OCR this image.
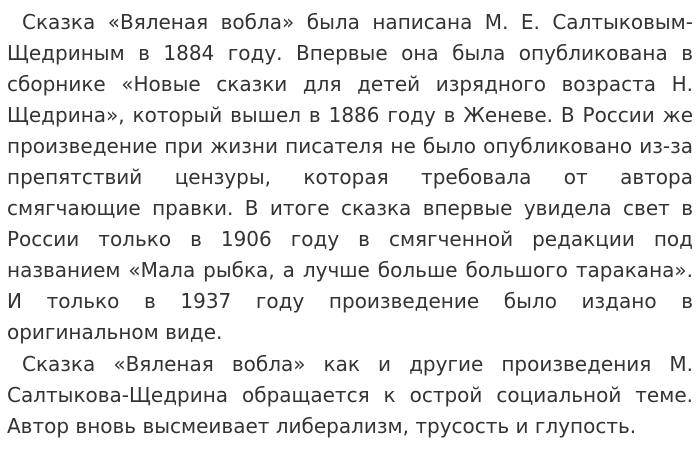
Сказка «Вяленая вобла» была написана М. Е. Салтыковым-Щедриным в 1884 году. Впервые она была опубликована в сборнике «Новые сказки для детей изрядного возраста Н. Щедрина», который вышел в 1886 году в Женеве. В России же произведение при жизни писателя не было опубликовано из-за препятствий цензуры, которая требовала от автора смягчающие правки. В итоге сказка впервые увидела свет в России только в 1906 году в смягченной редакции под названием «Мала рыбка, а лучше больше большого таракана». И только в 1937 году произведение было издано в оригинальном виде.

Сказка «Вяленая вобла» как и другие произведения М. Салтыкова-Щедрина обращается к острой социальной теме. Автор вновь высмеивает либерализм, трусость и глупость.
